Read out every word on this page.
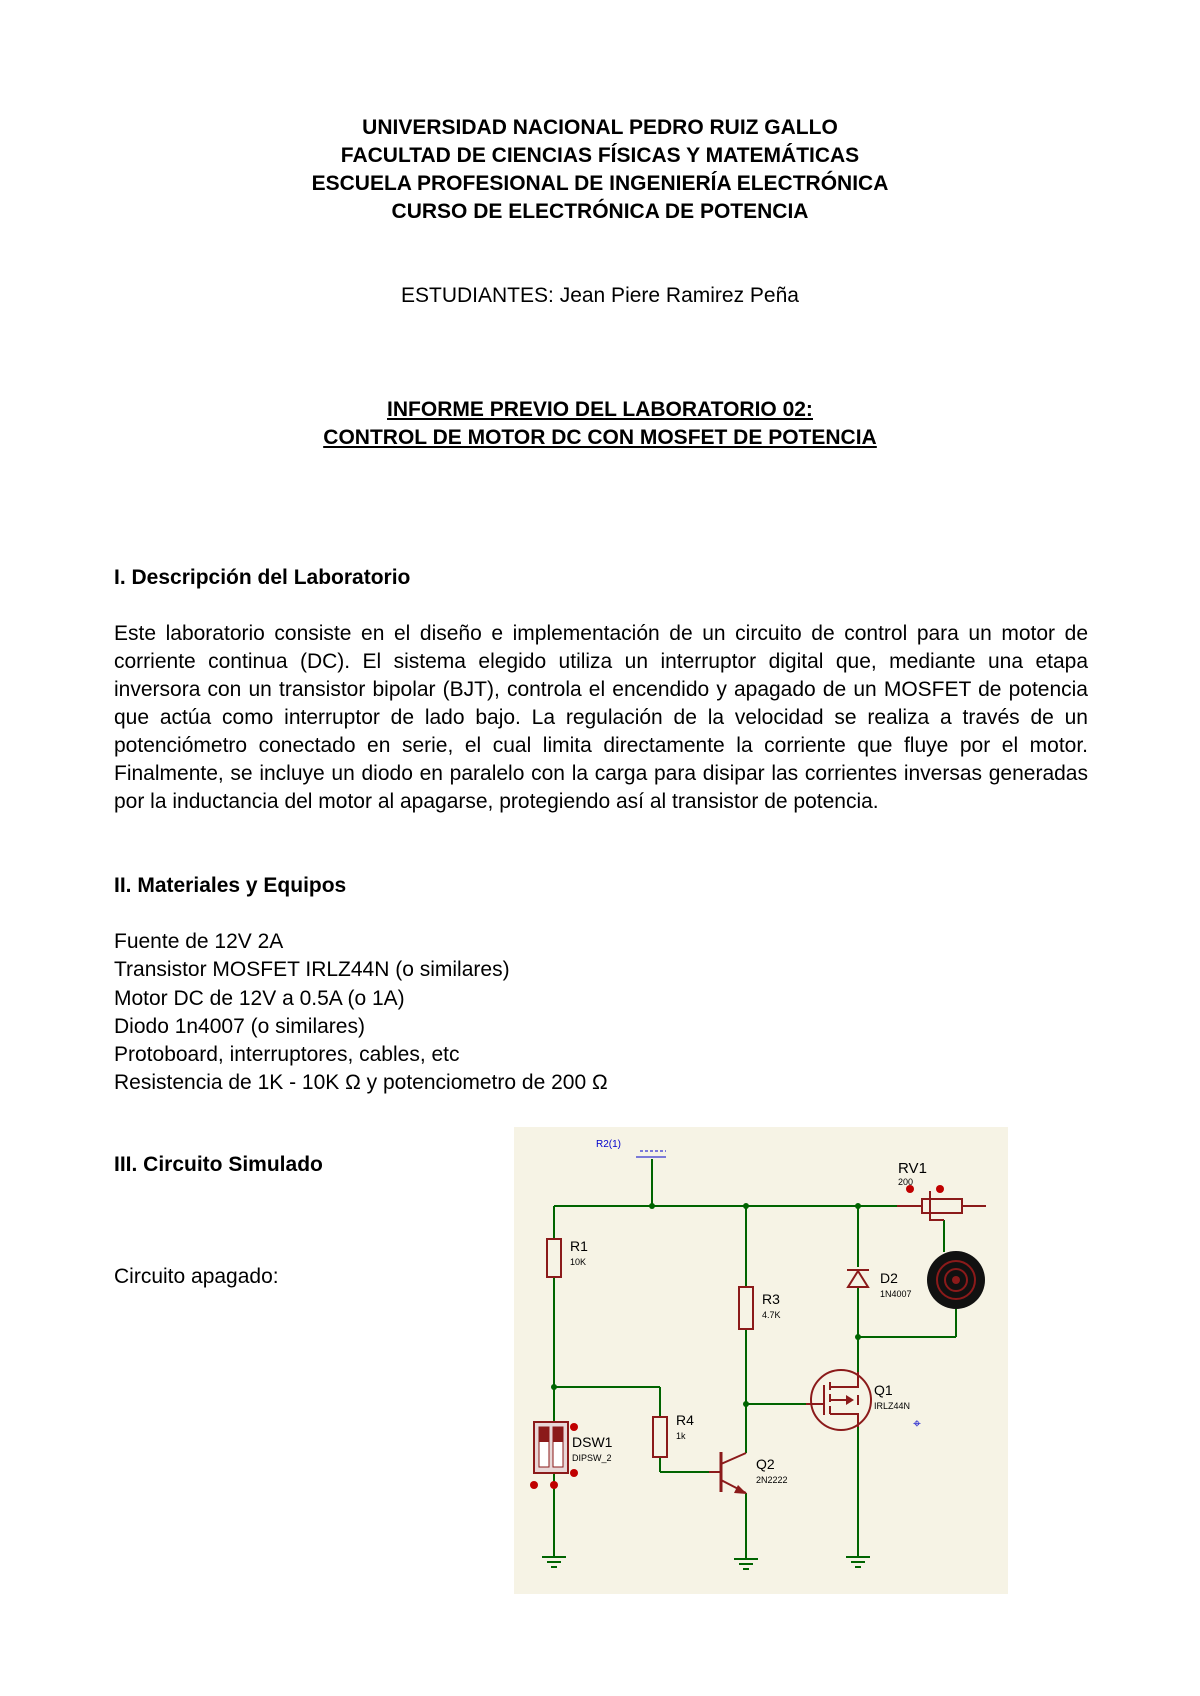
UNIVERSIDAD NACIONAL PEDRO RUIZ GALLO
FACULTAD DE CIENCIAS FÍSICAS Y MATEMÁTICAS
ESCUELA PROFESIONAL DE INGENIERÍA ELECTRÓNICA
CURSO DE ELECTRÓNICA DE POTENCIA
ESTUDIANTES: Jean Piere Ramirez Peña
INFORME PREVIO DEL LABORATORIO 02:
CONTROL DE MOTOR DC CON MOSFET DE POTENCIA
I. Descripción del Laboratorio
Este laboratorio consiste en el diseño e implementación de un circuito de control para un motor de corriente continua (DC). El sistema elegido utiliza un interruptor digital que, mediante una etapa inversora con un transistor bipolar (BJT), controla el encendido y apagado de un MOSFET de potencia que actúa como interruptor de lado bajo. La regulación de la velocidad se realiza a través de un potenciómetro conectado en serie, el cual limita directamente la corriente que fluye por el motor. Finalmente, se incluye un diodo en paralelo con la carga para disipar las corrientes inversas generadas por la inductancia del motor al apagarse, protegiendo así al transistor de potencia.
II. Materiales y Equipos
Fuente de 12V 2A
Transistor MOSFET IRLZ44N (o similares)
Motor DC de 12V a 0.5A (o 1A)
Diodo 1n4007 (o similares)
Protoboard, interruptores, cables, etc
Resistencia de 1K - 10K Ω y potenciometro de 200 Ω
III. Circuito Simulado
Circuito apagado:
R2(1)
R1
10K
R3
4.7K
R4
1k
D2
1N4007
RV1
200
Q1
IRLZ44N
⌖
Q2
2N2222
DSW1
DIPSW_2
